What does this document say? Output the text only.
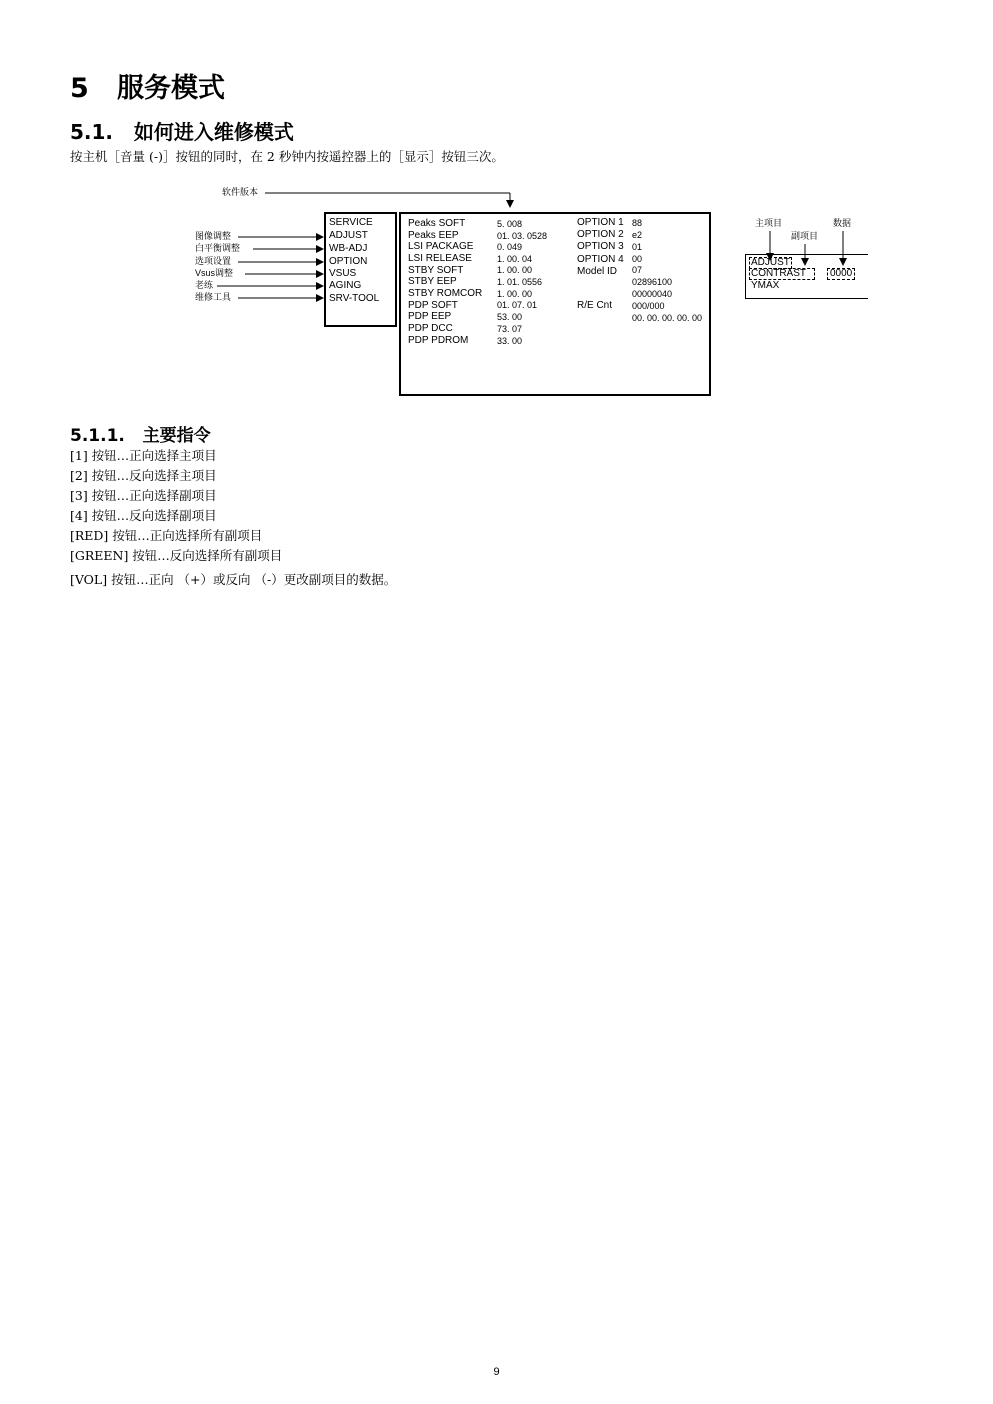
5   服务模式
5.1.   如何进入维修模式
按主机［音量 (-)］按钮的同时，在 2 秒钟内按遥控器上的［显示］按钮三次。
软件版本
图像调整
白平衡调整
选项设置
Vsus调整
老练
维修工具
SERVICE
ADJUST
WB-ADJ
OPTION
VSUS
AGING
SRV-TOOL
Peaks SOFT	5. 008
Peaks EEP	01. 03. 0528
LSI PACKAGE	0. 049
LSI RELEASE	1. 00. 04
STBY SOFT	1. 00. 00
STBY EEP	1. 01. 0556
STBY ROMCOR 1. 00. 00
PDP SOFT	01. 07. 01
PDP EEP	53. 00
PDP DCC	73. 07
PDP PDROM	33. 00
OPTION 1 88
OPTION 2 e2
OPTION 3 01
OPTION 4 00
Model ID 07
02896100
00000040
R/E Cnt 000/000
00. 00. 00. 00. 00
主项目
副项目
数据
ADJUST
CONTRAST	0000
YMAX
5.1.1.   主要指令
[1] 按钮…正向选择主项目
[2] 按钮…反向选择主项目
[3] 按钮…正向选择副项目
[4] 按钮…反向选择副项目
[RED] 按钮…正向选择所有副项目
[GREEN] 按钮…反向选择所有副项目
[VOL] 按钮…正向 （+）或反向 （-）更改副项目的数据。
9
